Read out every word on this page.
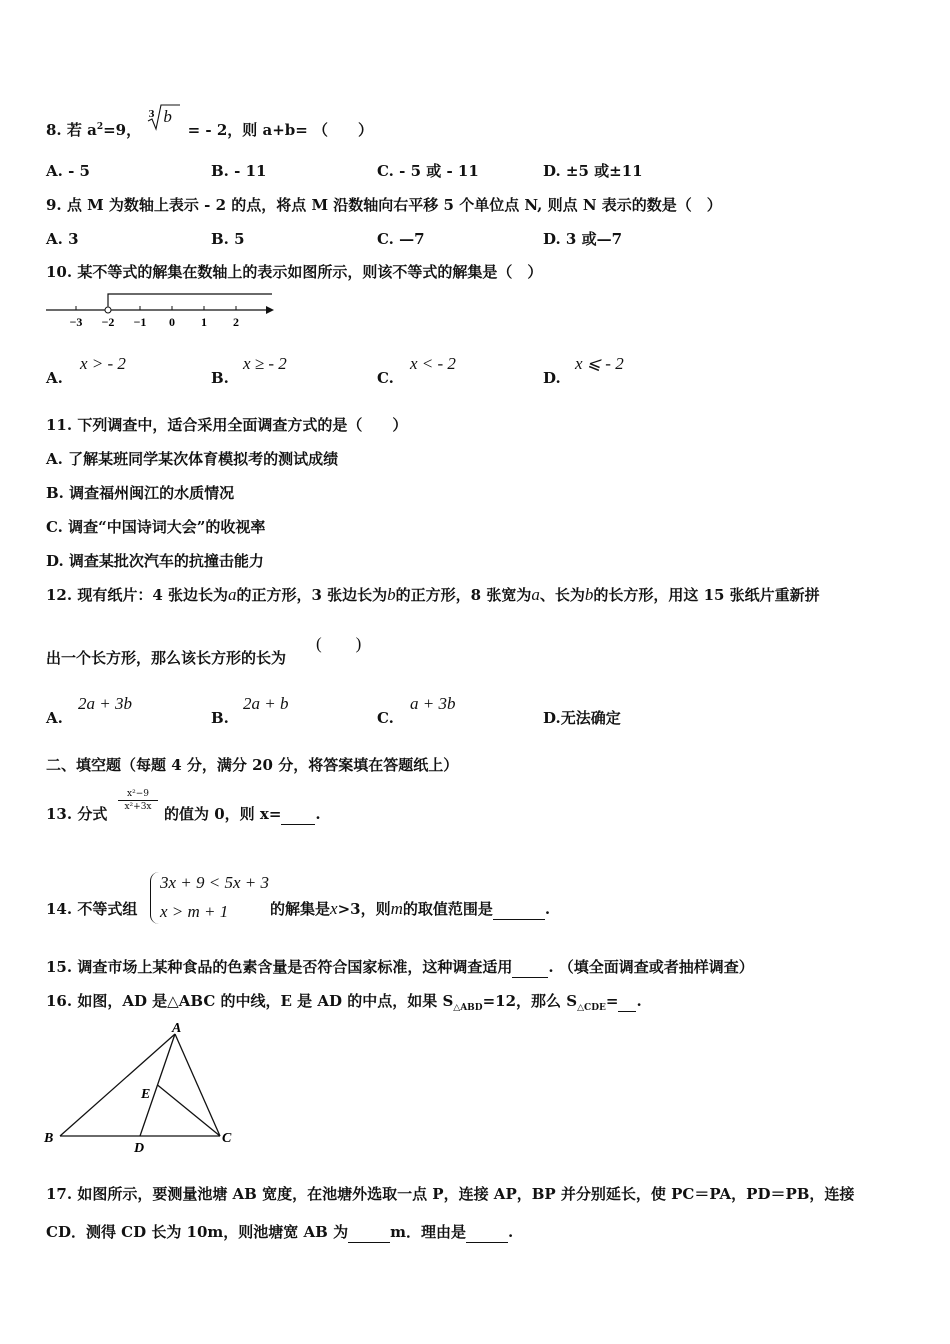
8. 若 $a^2=9$，
3 b
= - 2，则 a+b= （　　）
A. - 5	B. - 11	C. - 5 或 - 11	D. ±5 或±11
9. 点 M 为数轴上表示 - 2 的点，将点 M 沿数轴向右平移 5 个单位点 N, 则点 N 表示的数是（　）
A. 3	B. 5	C. —7	D. 3 或—7
10. 某不等式的解集在数轴上的表示如图所示，则该不等式的解集是（　）
−3 −2 −1 0 1 2
A.
x > - 2
B.
x ≥ - 2
C.
x < - 2
D.
x ⩽ - 2
11. 下列调查中，适合采用全面调查方式的是（　　）
A. 了解某班同学某次体育模拟考的测试成绩
B. 调查福州闽江的水质情况
C. 调查“中国诗词大会”的收视率
D. 调查某批次汽车的抗撞击能力
12. 现有纸片：4 张边长为a的正方形，3 张边长为b的正方形，8 张宽为a、长为b的长方形，用这 15 张纸片重新拼
出一个长方形，那么该长方形的长为
(　　)
A.
2a + 3b
B.
2a + b
C.
a + 3b
D.无法确定
二、填空题（每题 4 分，满分 20 分，将答案填在答题纸上）
13. 分式
$\frac{\text{x²−9}}{\text{x²+3x}}$
的值为 0，则 x= .
14. 不等式组
3x + 9 < 5x + 3
x > m + 1	的解集是x>3，则m的取值范围是	.
15. 调查市场上某种食品的色素含量是否符合国家标准，这种调查适用 . （填全面调查或者抽样调查）
16. 如图，AD 是△ABC 的中线，E 是 AD 的中点，如果 $S_{\triangle ABD}=12$，那么 $S_{\triangle CDE}=$ .
A
B	C
D
E
17. 如图所示，要测量池塘 AB 宽度，在池塘外选取一点 P，连接 AP，BP 并分别延长，使 PC＝PA，PD＝PB，连接
CD．测得 CD 长为 10m，则池塘宽 AB 为	m．理由是	.
